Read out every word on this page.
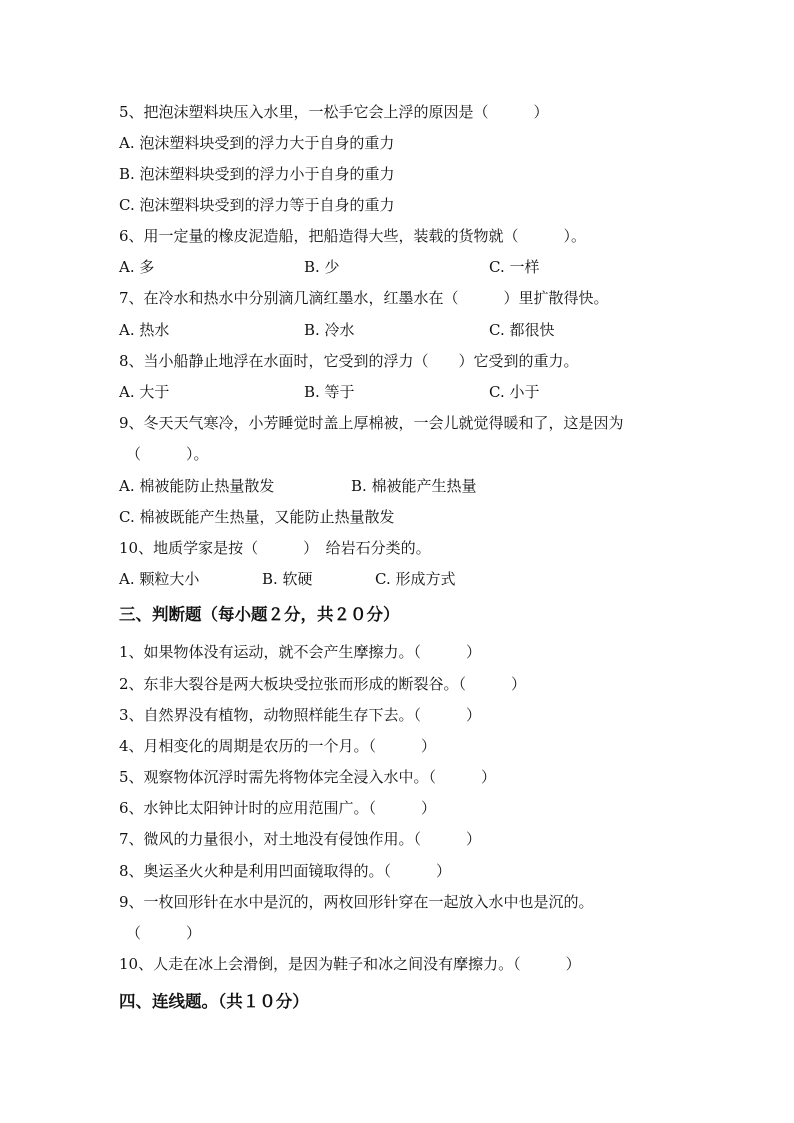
5、把泡沫塑料块压入水里，一松手它会上浮的原因是（　　　）
A. 泡沫塑料块受到的浮力大于自身的重力
B. 泡沫塑料块受到的浮力小于自身的重力
C. 泡沫塑料块受到的浮力等于自身的重力
6、用一定量的橡皮泥造船，把船造得大些，装载的货物就（　　　）。
A. 多	B. 少	C. 一样
7、在冷水和热水中分别滴几滴红墨水，红墨水在（　　　）里扩散得快。
A. 热水	B. 冷水	C. 都很快
8、当小船静止地浮在水面时，它受到的浮力（　　）它受到的重力。
A. 大于	B. 等于	C. 小于
9、冬天天气寒冷，小芳睡觉时盖上厚棉被，一会儿就觉得暖和了，这是因为
（　　　）。
A. 棉被能防止热量散发	B. 棉被能产生热量
C. 棉被既能产生热量，又能防止热量散发
10、地质学家是按（　　　）　给岩石分类的。
A. 颗粒大小	B. 软硬	C. 形成方式
三、判断题（每小题２分，共２０分）
1、如果物体没有运动，就不会产生摩擦力。（　　　）
2、东非大裂谷是两大板块受拉张而形成的断裂谷。（　　　）
3、自然界没有植物，动物照样能生存下去。（　　　）
4、月相变化的周期是农历的一个月。（　　　）
5、观察物体沉浮时需先将物体完全浸入水中。（　　　）
6、水钟比太阳钟计时的应用范围广。（　　　）
7、微风的力量很小，对土地没有侵蚀作用。（　　　）
8、奥运圣火火种是利用凹面镜取得的。（　　　）
9、一枚回形针在水中是沉的，两枚回形针穿在一起放入水中也是沉的。
（　　　）
10、人走在冰上会滑倒，是因为鞋子和冰之间没有摩擦力。（　　　）
四、连线题。（共１０分）
